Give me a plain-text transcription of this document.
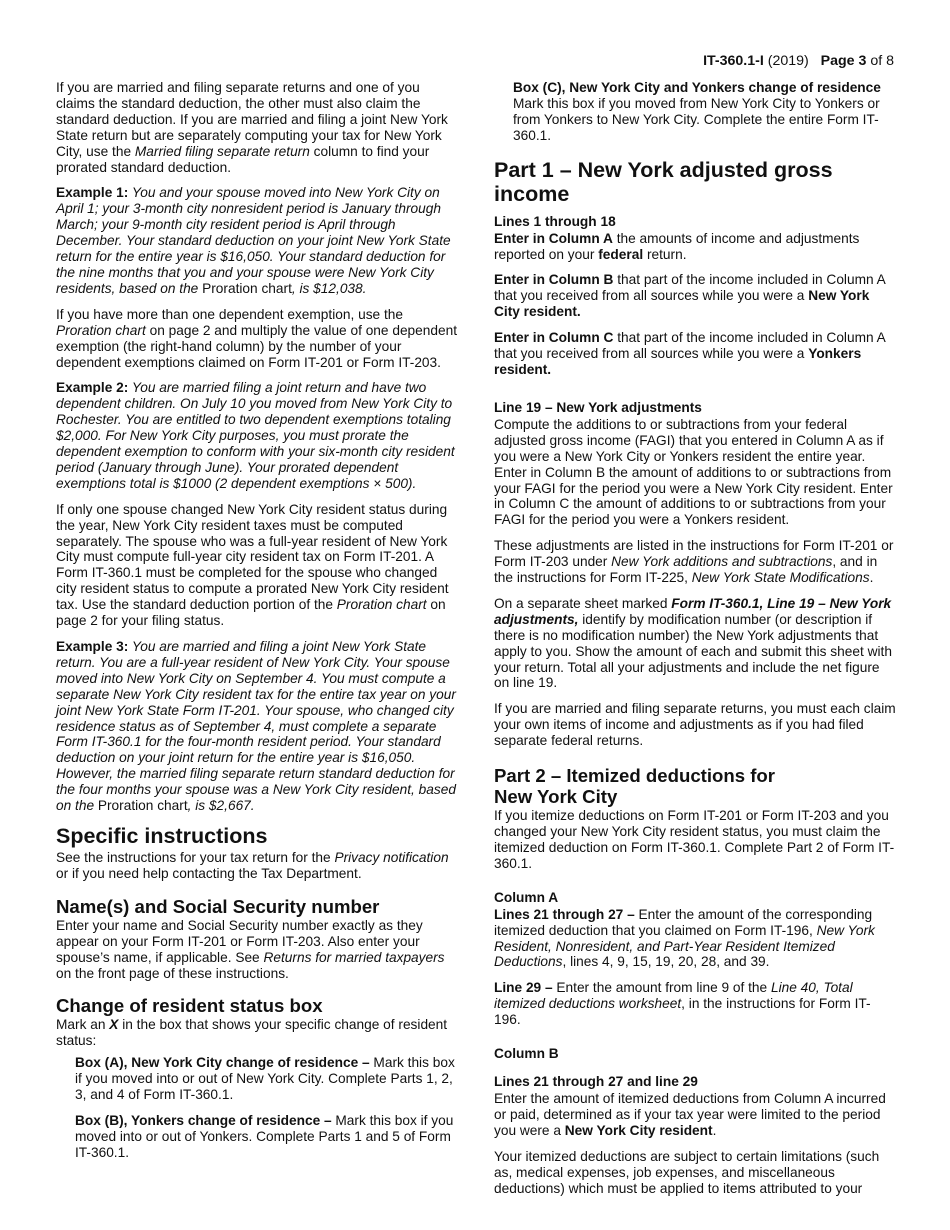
IT-360.1-I (2019) Page 3 of 8

If you are married and filing separate returns and one of you claims the standard deduction, the other must also claim the standard deduction. If you are married and filing a joint New York State return but are separately computing your tax for New York City, use the Married filing separate return column to find your prorated standard deduction.

Example 1: You and your spouse moved into New York City on April 1; your 3-month city nonresident period is January through March; your 9-month city resident period is April through December. Your standard deduction on your joint New York State return for the entire year is $16,050. Your standard deduction for the nine months that you and your spouse were New York City residents, based on the Proration chart, is $12,038.

If you have more than one dependent exemption, use the Proration chart on page 2 and multiply the value of one dependent exemption (the right-hand column) by the number of your dependent exemptions claimed on Form IT-201 or Form IT-203.

Example 2: You are married filing a joint return and have two dependent children. On July 10 you moved from New York City to Rochester. You are entitled to two dependent exemptions totaling $2,000. For New York City purposes, you must prorate the dependent exemption to conform with your six-month city resident period (January through June). Your prorated dependent exemptions total is $1000 (2 dependent exemptions × 500).

If only one spouse changed New York City resident status during the year, New York City resident taxes must be computed separately. The spouse who was a full-year resident of New York City must compute full-year city resident tax on Form IT-201. A Form IT-360.1 must be completed for the spouse who changed city resident status to compute a prorated New York City resident tax. Use the standard deduction portion of the Proration chart on page 2 for your filing status.

Example 3: You are married and filing a joint New York State return. You are a full-year resident of New York City. Your spouse moved into New York City on September 4. You must compute a separate New York City resident tax for the entire tax year on your joint New York State Form IT-201. Your spouse, who changed city residence status as of September 4, must complete a separate Form IT-360.1 for the four-month resident period. Your standard deduction on your joint return for the entire year is $16,050. However, the married filing separate return standard deduction for the four months your spouse was a New York City resident, based on the Proration chart, is $2,667.

Specific instructions

See the instructions for your tax return for the Privacy notification or if you need help contacting the Tax Department.

Name(s) and Social Security number

Enter your name and Social Security number exactly as they appear on your Form IT-201 or Form IT-203. Also enter your spouse’s name, if applicable. See Returns for married taxpayers on the front page of these instructions.

Change of resident status box

Mark an X in the box that shows your specific change of resident status:

Box (A), New York City change of residence – Mark this box if you moved into or out of New York City. Complete Parts 1, 2, 3, and 4 of Form IT-360.1.

Box (B), Yonkers change of residence – Mark this box if you moved into or out of Yonkers. Complete Parts 1 and 5 of Form IT-360.1.

Box (C), New York City and Yonkers change of residence
Mark this box if you moved from New York City to Yonkers or from Yonkers to New York City. Complete the entire Form IT-360.1.

Part 1 – New York adjusted gross income
Lines 1 through 18

Enter in Column A the amounts of income and adjustments reported on your federal return.

Enter in Column B that part of the income included in Column A that you received from all sources while you were a New York City resident.

Enter in Column C that part of the income included in Column A that you received from all sources while you were a Yonkers resident.

Line 19 – New York adjustments

Compute the additions to or subtractions from your federal adjusted gross income (FAGI) that you entered in Column A as if you were a New York City or Yonkers resident the entire year. Enter in Column B the amount of additions to or subtractions from your FAGI for the period you were a New York City resident. Enter in Column C the amount of additions to or subtractions from your FAGI for the period you were a Yonkers resident.

These adjustments are listed in the instructions for Form IT-201 or Form IT-203 under New York additions and subtractions, and in the instructions for Form IT-225, New York State Modifications.

On a separate sheet marked Form IT-360.1, Line 19 – New York adjustments, identify by modification number (or description if there is no modification number) the New York adjustments that apply to you. Show the amount of each and submit this sheet with your return. Total all your adjustments and include the net figure on line 19.

If you are married and filing separate returns, you must each claim your own items of income and adjustments as if you had filed separate federal returns.

Part 2 – Itemized deductions for
New York City

If you itemize deductions on Form IT-201 or Form IT-203 and you changed your New York City resident status, you must claim the itemized deduction on Form IT-360.1. Complete Part 2 of Form IT-360.1.

Column A

Lines 21 through 27 – Enter the amount of the corresponding itemized deduction that you claimed on Form IT-196, New York Resident, Nonresident, and Part-Year Resident Itemized Deductions, lines 4, 9, 15, 19, 20, 28, and 39.

Line 29 – Enter the amount from line 9 of the Line 40, Total itemized deductions worksheet, in the instructions for Form IT-196.

Column B
Lines 21 through 27 and line 29

Enter the amount of itemized deductions from Column A incurred or paid, determined as if your tax year were limited to the period you were a New York City resident.

Your itemized deductions are subject to certain limitations (such as, medical expenses, job expenses, and miscellaneous deductions) which must be applied to items attributed to your
